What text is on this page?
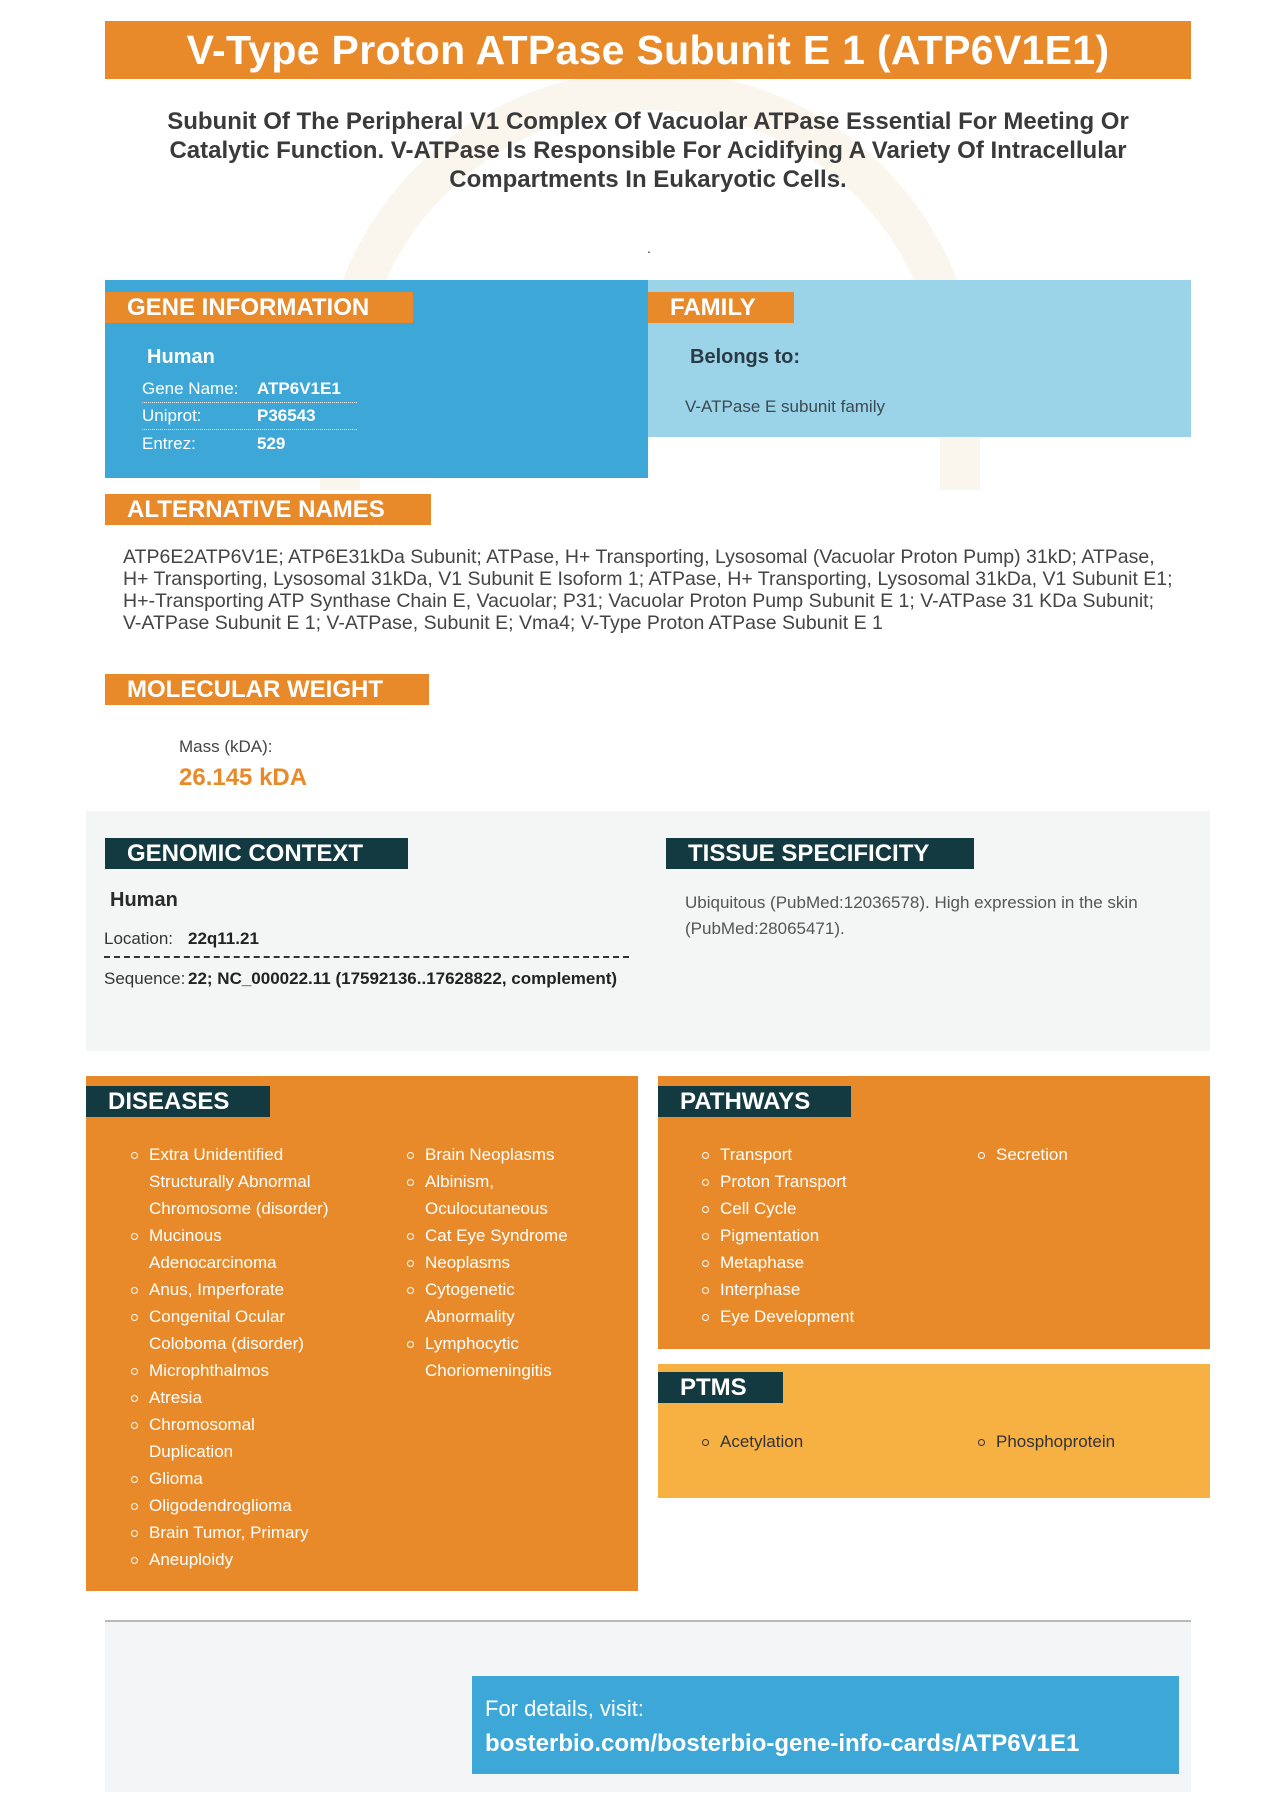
V-Type Proton ATPase Subunit E 1 (ATP6V1E1)
Subunit Of The Peripheral V1 Complex Of Vacuolar ATPase Essential For Meeting Or Catalytic Function. V-ATPase Is Responsible For Acidifying A Variety Of Intracellular Compartments In Eukaryotic Cells.
.
GENE INFORMATION
Human
Gene Name:	ATP6V1E1
Uniprot:	P36543
Entrez:	529
FAMILY
Belongs to:
V-ATPase E subunit family
ALTERNATIVE NAMES
ATP6E2ATP6V1E; ATP6E31kDa Subunit; ATPase, H+ Transporting, Lysosomal (Vacuolar Proton Pump) 31kD; ATPase, H+ Transporting, Lysosomal 31kDa, V1 Subunit E Isoform 1; ATPase, H+ Transporting, Lysosomal 31kDa, V1 Subunit E1; H+-Transporting ATP Synthase Chain E, Vacuolar; P31; Vacuolar Proton Pump Subunit E 1; V-ATPase 31 KDa Subunit; V-ATPase Subunit E 1; V-ATPase, Subunit E; Vma4; V-Type Proton ATPase Subunit E 1
MOLECULAR WEIGHT
Mass (kDA):
26.145 kDA
GENOMIC CONTEXT
Human
Location: 22q11.21
Sequence: 22; NC_000022.11 (17592136..17628822, complement)
TISSUE SPECIFICITY
Ubiquitous (PubMed:12036578). High expression in the skin (PubMed:28065471).
DISEASES
Extra Unidentified Structurally Abnormal Chromosome (disorder)
Mucinous Adenocarcinoma
Anus, Imperforate
Congenital Ocular Coloboma (disorder)
Microphthalmos
Atresia
Chromosomal Duplication
Glioma
Oligodendroglioma
Brain Tumor, Primary
Aneuploidy
Brain Neoplasms
Albinism, Oculocutaneous
Cat Eye Syndrome
Neoplasms
Cytogenetic Abnormality
Lymphocytic Choriomeningitis
PATHWAYS
Transport
Proton Transport
Cell Cycle
Pigmentation
Metaphase
Interphase
Eye Development
Secretion
PTMS
Acetylation	Phosphoprotein
For details, visit:
bosterbio.com/bosterbio-gene-info-cards/ATP6V1E1
